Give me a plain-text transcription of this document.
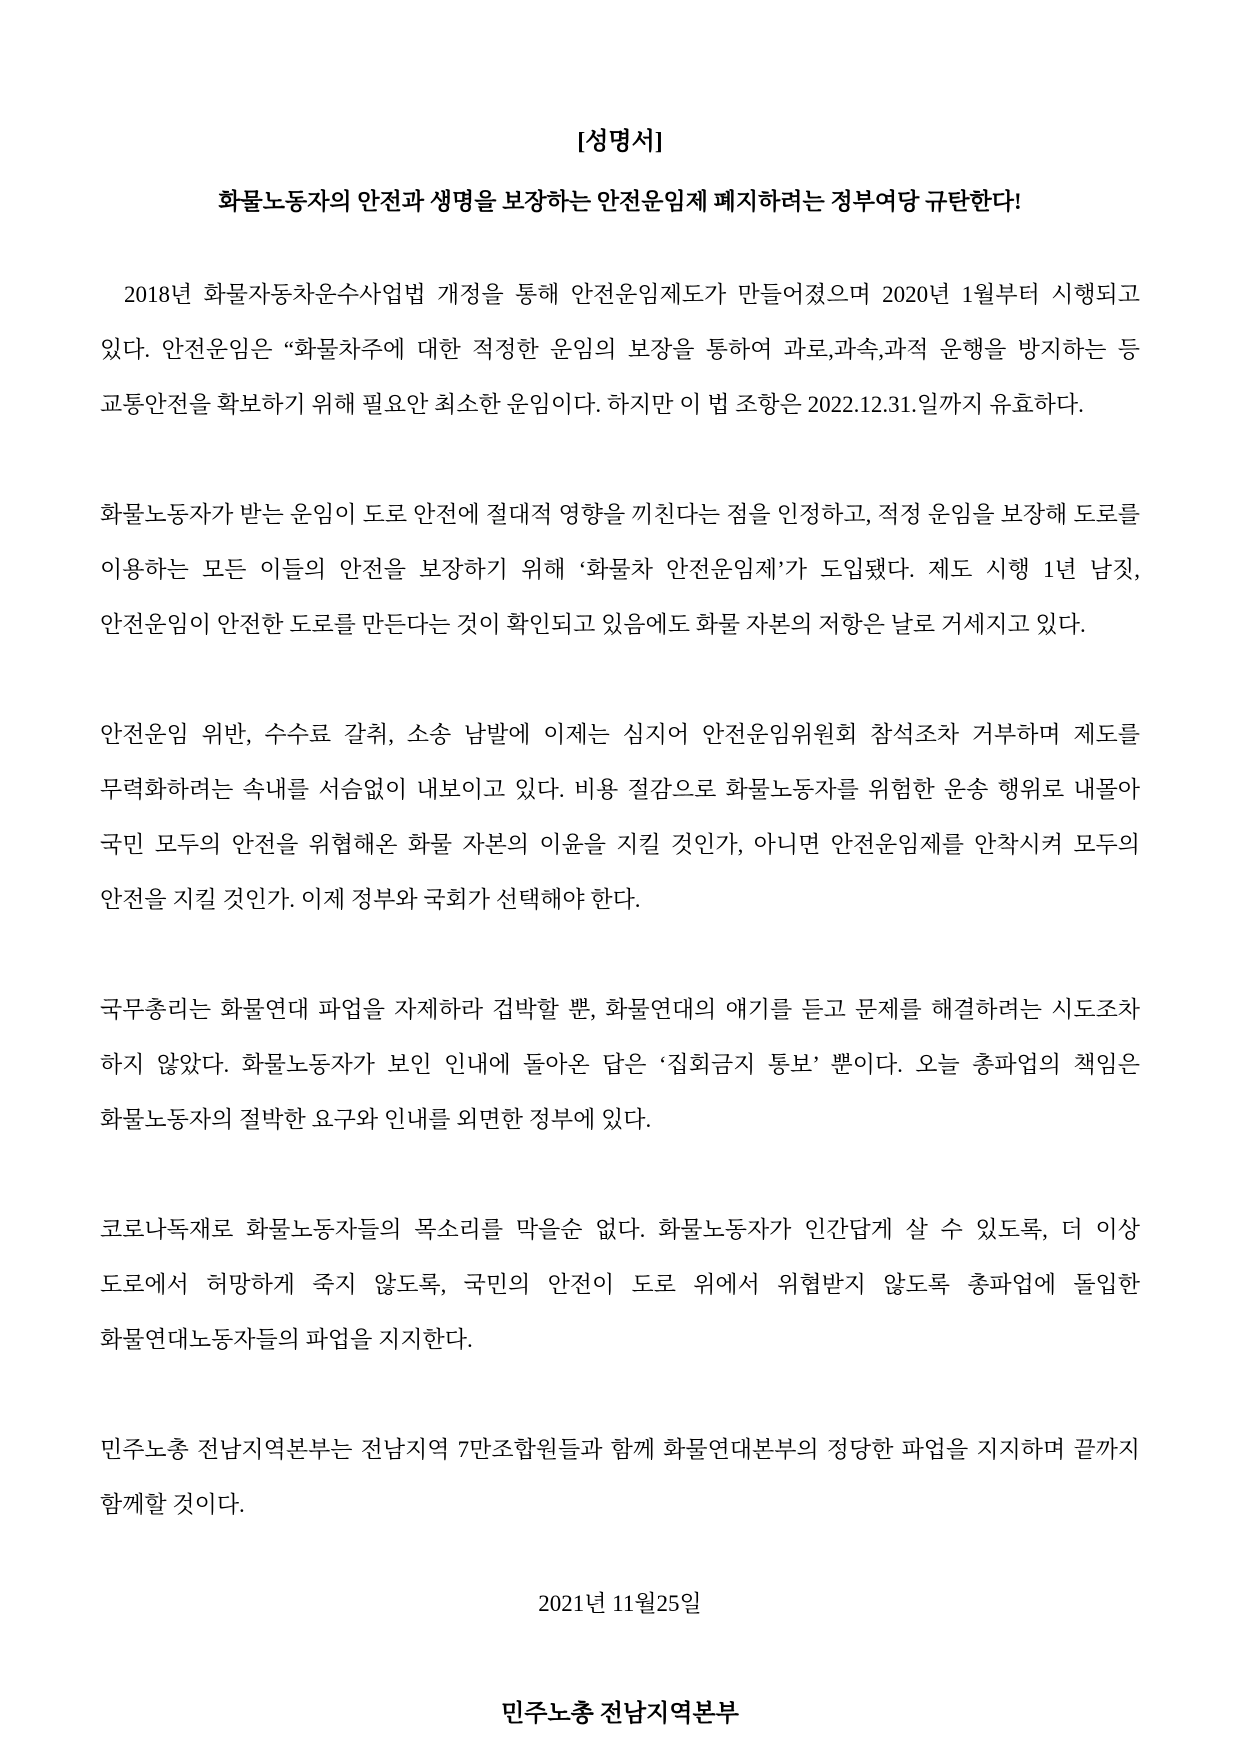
[성명서]
화물노동자의 안전과 생명을 보장하는 안전운임제 폐지하려는 정부여당 규탄한다!

2018년 화물자동차운수사업법 개정을 통해 안전운임제도가 만들어졌으며 2020년 1월부터 시행되고 있다. 안전운임은 “화물차주에 대한 적정한 운임의 보장을 통하여 과로,과속,과적 운행을 방지하는 등 교통안전을 확보하기 위해 필요안 최소한 운임이다. 하지만 이 법 조항은 2022.12.31.일까지 유효하다.

화물노동자가 받는 운임이 도로 안전에 절대적 영향을 끼친다는 점을 인정하고, 적정 운임을 보장해 도로를 이용하는 모든 이들의 안전을 보장하기 위해 ‘화물차 안전운임제’가 도입됐다. 제도 시행 1년 남짓, 안전운임이 안전한 도로를 만든다는 것이 확인되고 있음에도 화물 자본의 저항은 날로 거세지고 있다.

안전운임 위반, 수수료 갈취, 소송 남발에 이제는 심지어 안전운임위원회 참석조차 거부하며 제도를 무력화하려는 속내를 서슴없이 내보이고 있다. 비용 절감으로 화물노동자를 위험한 운송 행위로 내몰아 국민 모두의 안전을 위협해온 화물 자본의 이윤을 지킬 것인가, 아니면 안전운임제를 안착시켜 모두의 안전을 지킬 것인가. 이제 정부와 국회가 선택해야 한다.

국무총리는 화물연대 파업을 자제하라 겁박할 뿐, 화물연대의 얘기를 듣고 문제를 해결하려는 시도조차 하지 않았다. 화물노동자가 보인 인내에 돌아온 답은 ‘집회금지 통보’ 뿐이다. 오늘 총파업의 책임은 화물노동자의 절박한 요구와 인내를 외면한 정부에 있다.

코로나독재로 화물노동자들의 목소리를 막을순 없다. 화물노동자가 인간답게 살 수 있도록, 더 이상 도로에서 허망하게 죽지 않도록, 국민의 안전이 도로 위에서 위협받지 않도록 총파업에 돌입한 화물연대노동자들의 파업을 지지한다.

민주노총 전남지역본부는 전남지역 7만조합원들과 함께 화물연대본부의 정당한 파업을 지지하며 끝까지 함께할 것이다.

2021년 11월25일
민주노총 전남지역본부
